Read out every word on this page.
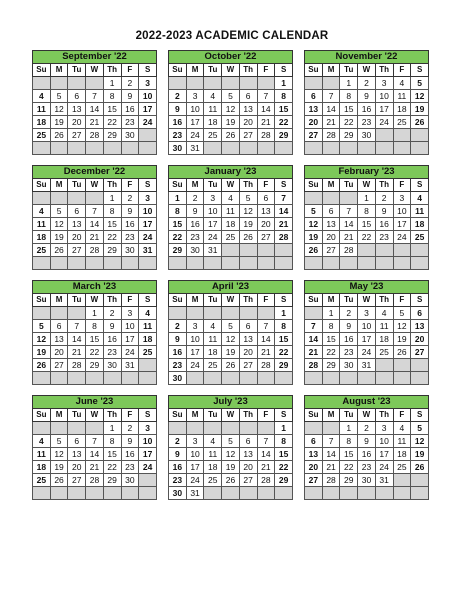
2022-2023 ACADEMIC CALENDAR
September '22						
Su	M	Tu	W	Th	F	S
				1	2	3
4	5	6	7	8	9	10
11	12	13	14	15	16	17
18	19	20	21	22	23	24
25	26	27	28	29	30	

October '22						
Su	M	Tu	W	Th	F	S
						1
2	3	4	5	6	7	8
9	10	11	12	13	14	15
16	17	18	19	20	21	22
23	24	25	26	27	28	29
30	31					
November '22						
Su	M	Tu	W	Th	F	S
		1	2	3	4	5
6	7	8	9	10	11	12
13	14	15	16	17	18	19
20	21	22	23	24	25	26
27	28	29	30			

December '22						
Su	M	Tu	W	Th	F	S
				1	2	3
4	5	6	7	8	9	10
11	12	13	14	15	16	17
18	19	20	21	22	23	24
25	26	27	28	29	30	31

January '23						
Su	M	Tu	W	Th	F	S
1	2	3	4	5	6	7
8	9	10	11	12	13	14
15	16	17	18	19	20	21
22	23	24	25	26	27	28
29	30	31				

February '23						
Su	M	Tu	W	Th	F	S
			1	2	3	4
5	6	7	8	9	10	11
12	13	14	15	16	17	18
19	20	21	22	23	24	25
26	27	28				

March '23						
Su	M	Tu	W	Th	F	S
			1	2	3	4
5	6	7	8	9	10	11
12	13	14	15	16	17	18
19	20	21	22	23	24	25
26	27	28	29	30	31	

April '23						
Su	M	Tu	W	Th	F	S
						1
2	3	4	5	6	7	8
9	10	11	12	13	14	15
16	17	18	19	20	21	22
23	24	25	26	27	28	29
30						
May '23						
Su	M	Tu	W	Th	F	S
	1	2	3	4	5	6
7	8	9	10	11	12	13
14	15	16	17	18	19	20
21	22	23	24	25	26	27
28	29	30	31			

June '23						
Su	M	Tu	W	Th	F	S
				1	2	3
4	5	6	7	8	9	10
11	12	13	14	15	16	17
18	19	20	21	22	23	24
25	26	27	28	29	30	

July '23						
Su	M	Tu	W	Th	F	S
						1
2	3	4	5	6	7	8
9	10	11	12	13	14	15
16	17	18	19	20	21	22
23	24	25	26	27	28	29
30	31					
August '23						
Su	M	Tu	W	Th	F	S
		1	2	3	4	5
6	7	8	9	10	11	12
13	14	15	16	17	18	19
20	21	22	23	24	25	26
27	28	29	30	31		
